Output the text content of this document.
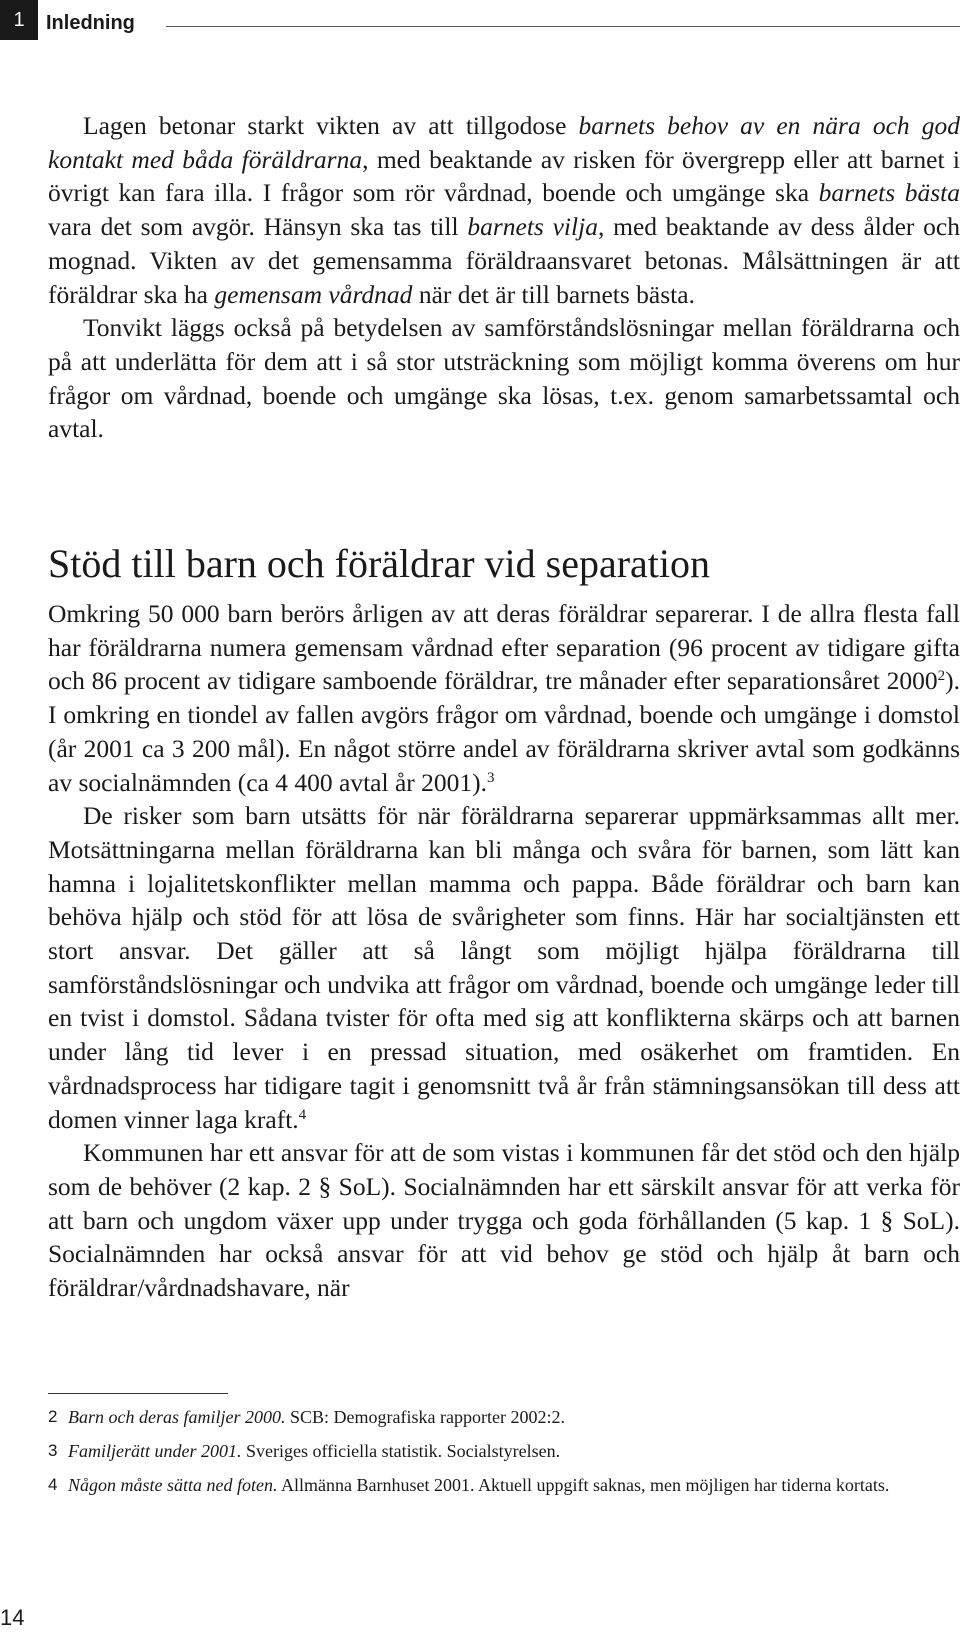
1 Inledning

Lagen betonar starkt vikten av att tillgodose barnets behov av en nära och god kontakt med båda föräldrarna, med beaktande av risken för övergrepp eller att barnet i övrigt kan fara illa. I frågor som rör vårdnad, boende och umgänge ska barnets bästa vara det som avgör. Hänsyn ska tas till barnets vilja, med beaktande av dess ålder och mognad. Vikten av det gemensamma föräldraansvaret betonas. Målsättningen är att föräldrar ska ha gemensam vårdnad när det är till barnets bästa.

Tonvikt läggs också på betydelsen av samförståndslösningar mellan föräldrarna och på att underlätta för dem att i så stor utsträckning som möjligt komma överens om hur frågor om vårdnad, boende och umgänge ska lösas, t.ex. genom samarbetssamtal och avtal.

Stöd till barn och föräldrar vid separation

Omkring 50 000 barn berörs årligen av att deras föräldrar separerar. I de allra flesta fall har föräldrarna numera gemensam vårdnad efter separation (96 procent av tidigare gifta och 86 procent av tidigare samboende föräldrar, tre månader efter separationsåret 2000$^2$). I omkring en tiondel av fallen avgörs frågor om vårdnad, boende och umgänge i domstol (år 2001 ca 3 200 mål). En något större andel av föräldrarna skriver avtal som godkänns av socialnämnden (ca 4 400 avtal år 2001).$^3$

De risker som barn utsätts för när föräldrarna separerar uppmärksammas allt mer. Motsättningarna mellan föräldrarna kan bli många och svåra för barnen, som lätt kan hamna i lojalitetskonflikter mellan mamma och pappa. Både föräldrar och barn kan behöva hjälp och stöd för att lösa de svårigheter som finns. Här har socialtjänsten ett stort ansvar. Det gäller att så långt som möjligt hjälpa föräldrarna till samförståndslösningar och undvika att frågor om vårdnad, boende och umgänge leder till en tvist i domstol. Sådana tvister för ofta med sig att konflikterna skärps och att barnen under lång tid lever i en pressad situation, med osäkerhet om framtiden. En vårdnadsprocess har tidigare tagit i genomsnitt två år från stämningsansökan till dess att domen vinner laga kraft.$^4$

Kommunen har ett ansvar för att de som vistas i kommunen får det stöd och den hjälp som de behöver (2 kap. 2 § SoL). Socialnämnden har ett särskilt ansvar för att verka för att barn och ungdom växer upp under trygga och goda förhållanden (5 kap. 1 § SoL). Socialnämnden har också ansvar för att vid behov ge stöd och hjälp åt barn och föräldrar/vårdnadshavare, när

2 Barn och deras familjer 2000. SCB: Demografiska rapporter 2002:2.
3 Familjerätt under 2001. Sveriges officiella statistik. Socialstyrelsen.
4 Någon måste sätta ned foten. Allmänna Barnhuset 2001. Aktuell uppgift saknas, men möjligen har tiderna kortats.
14
